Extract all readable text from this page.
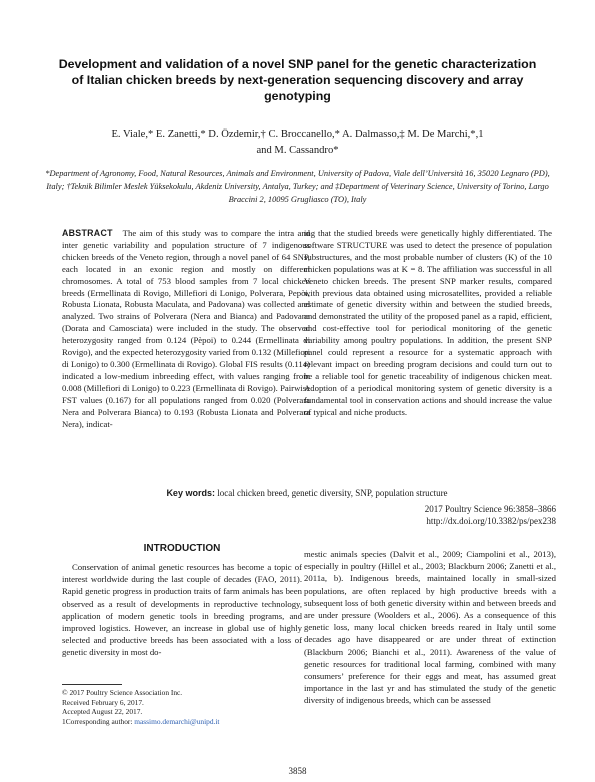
Development and validation of a novel SNP panel for the genetic characterization of Italian chicken breeds by next-generation sequencing discovery and array genotyping
E. Viale,* E. Zanetti,* D. Özdemir,† C. Broccanello,* A. Dalmasso,‡ M. De Marchi,*,1
and M. Cassandro*
*Department of Agronomy, Food, Natural Resources, Animals and Environment, University of Padova, Viale dell’Università 16, 35020 Legnaro (PD), Italy; †Teknik Bilimler Meslek Yüksekokulu, Akdeniz University, Antalya, Turkey; and ‡Department of Veterinary Science, University of Torino, Largo Braccini 2, 10095 Grugliasco (TO), Italy
ABSTRACT The aim of this study was to compare the intra and inter genetic variability and population structure of 7 indigenous chicken breeds of the Veneto region, through a novel panel of 64 SNP, each located in an exonic region and mostly on different chromosomes. A total of 753 blood samples from 7 local chicken breeds (Ermellinata di Rovigo, Millefiori di Lonigo, Polverara, Pepòi, Robusta Lionata, Robusta Maculata, and Padovana) was collected and analyzed. Two strains of Polverara (Nera and Bianca) and Padovana (Dorata and Camosciata) were included in the study. The observed heterozygosity ranged from 0.124 (Pèpoi) to 0.244 (Ermellinata di Rovigo), and the expected heterozygosity varied from 0.132 (Millefiori di Lonigo) to 0.300 (Ermellinata di Rovigo). Global FIS results (0.114) indicated a low-medium inbreeding effect, with values ranging from 0.008 (Millefiori di Lonigo) to 0.223 (Ermellinata di Rovigo). Pairwise FST values (0.167) for all populations ranged from 0.020 (Polverara Nera and Polverara Bianca) to 0.193 (Robusta Lionata and Polverara Nera), indicat-
ing that the studied breeds were genetically highly differentiated. The software STRUCTURE was used to detect the presence of population substructures, and the most probable number of clusters (K) of the 10 chicken populations was at K = 8. The affiliation was successful in all Veneto chicken breeds. The present SNP marker results, compared with previous data obtained using microsatellites, provided a reliable estimate of genetic diversity within and between the studied breeds, and demonstrated the utility of the proposed panel as a rapid, efficient, and cost-effective tool for periodical monitoring of the genetic variability among poultry populations. In addition, the present SNP panel could represent a resource for a systematic approach with relevant impact on breeding program decisions and could turn out to be a reliable tool for genetic traceability of indigenous chicken meat. Adoption of a periodical monitoring system of genetic diversity is a fundamental tool in conservation actions and should increase the value of typical and niche products.
Key words: local chicken breed, genetic diversity, SNP, population structure
2017 Poultry Science 96:3858–3866
http://dx.doi.org/10.3382/ps/pex238
INTRODUCTION

Conservation of animal genetic resources has become a topic of interest worldwide during the last couple of decades (FAO, 2011). Rapid genetic progress in production traits of farm animals has been observed as a result of developments in reproductive technology, application of modern genetic tools in breeding programs, and improved logistics. However, an increase in global use of highly selected and productive breeds has been associated with a loss of genetic diversity in most do-

mestic animals species (Dalvit et al., 2009; Ciampolini et al., 2013), especially in poultry (Hillel et al., 2003; Blackburn 2006; Zanetti et al., 2011a, b). Indigenous breeds, maintained locally in small-sized populations, are often replaced by high productive breeds with a subsequent loss of both genetic diversity within and between breeds and are under pressure (Woolders et al., 2006). As a consequence of this genetic loss, many local chicken breeds reared in Italy until some decades ago have disappeared or are under threat of extinction (Blackburn 2006; Bianchi et al., 2011). Awareness of the value of genetic resources for traditional local farming, combined with many consumers’ preference for their eggs and meat, has assumed great importance in the last yr and has stimulated the study of the genetic diversity of indigenous breeds, which can be assessed

© 2017 Poultry Science Association Inc.
Received February 6, 2017.
Accepted August 22, 2017.
1Corresponding author: massimo.demarchi@unipd.it
3858
